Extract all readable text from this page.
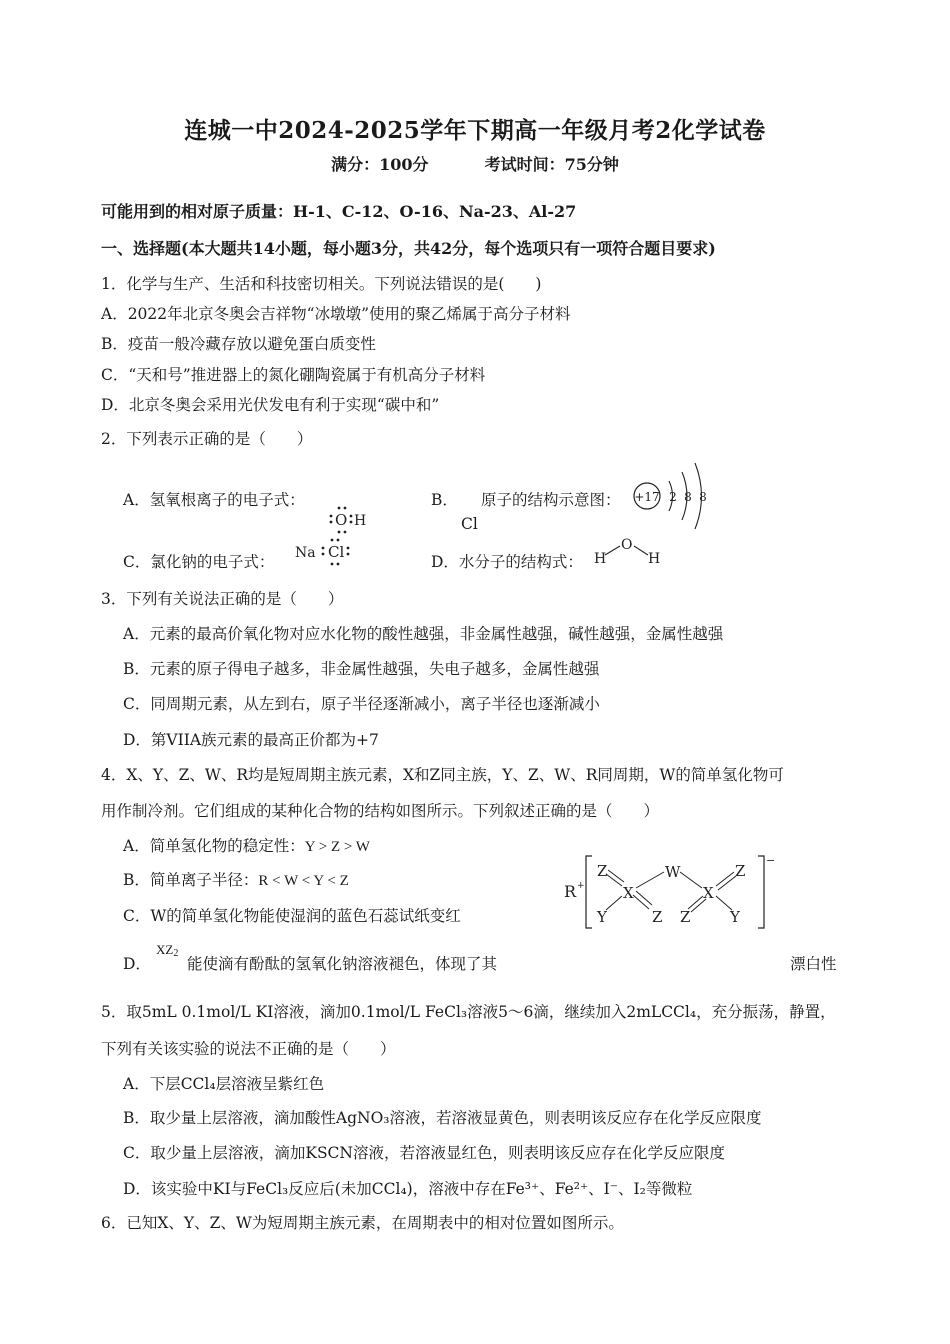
连城一中2024-2025学年下期高一年级月考2化学试卷
满分：100分	考试时间：75分钟
可能用到的相对原子质量：H-1、C-12、O-16、Na-23、Al-27
一、选择题(本大题共14小题，每小题3分，共42分，每个选项只有一项符合题目要求)
1．化学与生产、生活和科技密切相关。下列说法错误的是(　　)
A．2022年北京冬奥会吉祥物“冰墩墩”使用的聚乙烯属于高分子材料
B．疫苗一般冷藏存放以避免蛋白质变性
C．“天和号”推进器上的氮化硼陶瓷属于有机高分子材料
D．北京冬奥会采用光伏发电有利于实现“碳中和”
2．下列表示正确的是（　　）
A．氢氧根离子的电子式：	B． 原子的结构示意图：
Cl
+17 2 8 8
O H
C．氯化钠的电子式： Na Cl
D．水分子的结构式： H
O
H
3．下列有关说法正确的是（　　）
A．元素的最高价氧化物对应水化物的酸性越强，非金属性越强，碱性越强，金属性越强
B．元素的原子得电子越多，非金属性越强，失电子越多，金属性越强
C．同周期元素，从左到右，原子半径逐渐减小，离子半径也逐渐减小
D．第VIIA族元素的最高正价都为+7
4．X、Y、Z、W、R均是短周期主族元素，X和Z同主族，Y、Z、W、R同周期，W的简单氢化物可
用作制冷剂。它们组成的某种化合物的结构如图所示。下列叙述正确的是（　　）
A．简单氢化物的稳定性：Y > Z > W
B．简单离子半径：R < W < Y < Z
C．W的简单氢化物能使湿润的蓝色石蕊试纸变红
D．
$XZ_2$
能使滴有酚酞的氢氧化钠溶液褪色，体现了其	漂白性
R +
−
Z
Y
X
Z
W
X
Z
Z
Y
5．取5mL 0.1mol/L KI溶液，滴加0.1mol/L FeCl₃溶液5～6滴，继续加入2mLCCl₄，充分振荡，静置，
下列有关该实验的说法不正确的是（　　）
A．下层CCl₄层溶液呈紫红色
B．取少量上层溶液，滴加酸性AgNO₃溶液，若溶液显黄色，则表明该反应存在化学反应限度
C．取少量上层溶液，滴加KSCN溶液，若溶液显红色，则表明该反应存在化学反应限度
D．该实验中KI与FeCl₃反应后(未加CCl₄)，溶液中存在Fe³⁺、Fe²⁺、I⁻、I₂等微粒
6．已知X、Y、Z、W为短周期主族元素，在周期表中的相对位置如图所示。
